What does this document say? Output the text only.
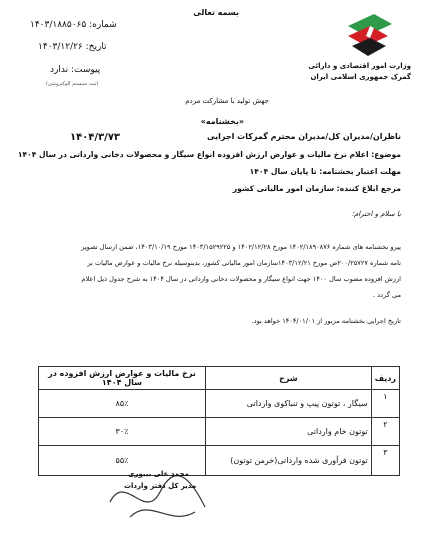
بسمه تعالی
شماره: ۱۴۰۳/۱۸۸۵۰۶۵
تاریخ: ۱۴۰۳/۱۲/۲۶
پیوست: ندارد
(ثبت سیستم الوکتروشن)
وزارت امور اقتصادی و دارائی
گمرک جمهوری اسلامی ایران
جهش تولید با مشارکت مردم
«بخشنامه»
۱۴۰۴/۳/۷۳	ناظران/مدیران کل/مدیران محترم گمرکات اجرایی
موضوع: اعلام نرخ مالیات و عوارض ارزش افزوده انواع سیگار و محصولات دخانی وارداتی در سال ۱۴۰۴
مهلت اعتبار بخشنامه: تا پایان سال ۱۴۰۴
مرجع ابلاغ کننده: سازمان امور مالیاتی کشور
با سلام و احترام؛
پیرو بخشنامه های شماره ۱۴۰۲/۱۸۹۰۸۷۶ مورخ ۱۴۰۲/۱۲/۲۸ و ۱۴۰۳/۱۵۲۹۲۲۵ مورخ ۱۴۰۳/۱۰/۱۹، ضمن ارسال تصویر
نامه شماره ۲۰۰/۲۵۷۲۷ص مورخ ۱۴۰۳/۱۲/۲۱سازمان امور مالیاتی کشور، بدینوسیله نرخ مالیات و عوارض مالیات بر
ارزش افزوده مصوب سال ۱۴۰۰ جهت انواع سیگار و محصولات دخانی وارداتی در سال ۱۴۰۴ به شرح جدول ذیل اعلام
می گردد .
تاریخ اجرایی بخشنامه مزبور از ۱۴۰۴/۰۱/۰۱ خواهد بود.
ردیف	شرح	نرخ مالیات و عوارض ارزش افزوده در سال ۱۴۰۴
۱	سیگار ، توتون پیپ و تنباکوی وارداتی	۸۵٪
۲	توتون خام وارداتی	۳۰٪
۳	توتون فرآوری شده وارداتی(خرمن توتون)	۵۵٪
محمد علی بیبوری
مدیر کل دفتر واردات
